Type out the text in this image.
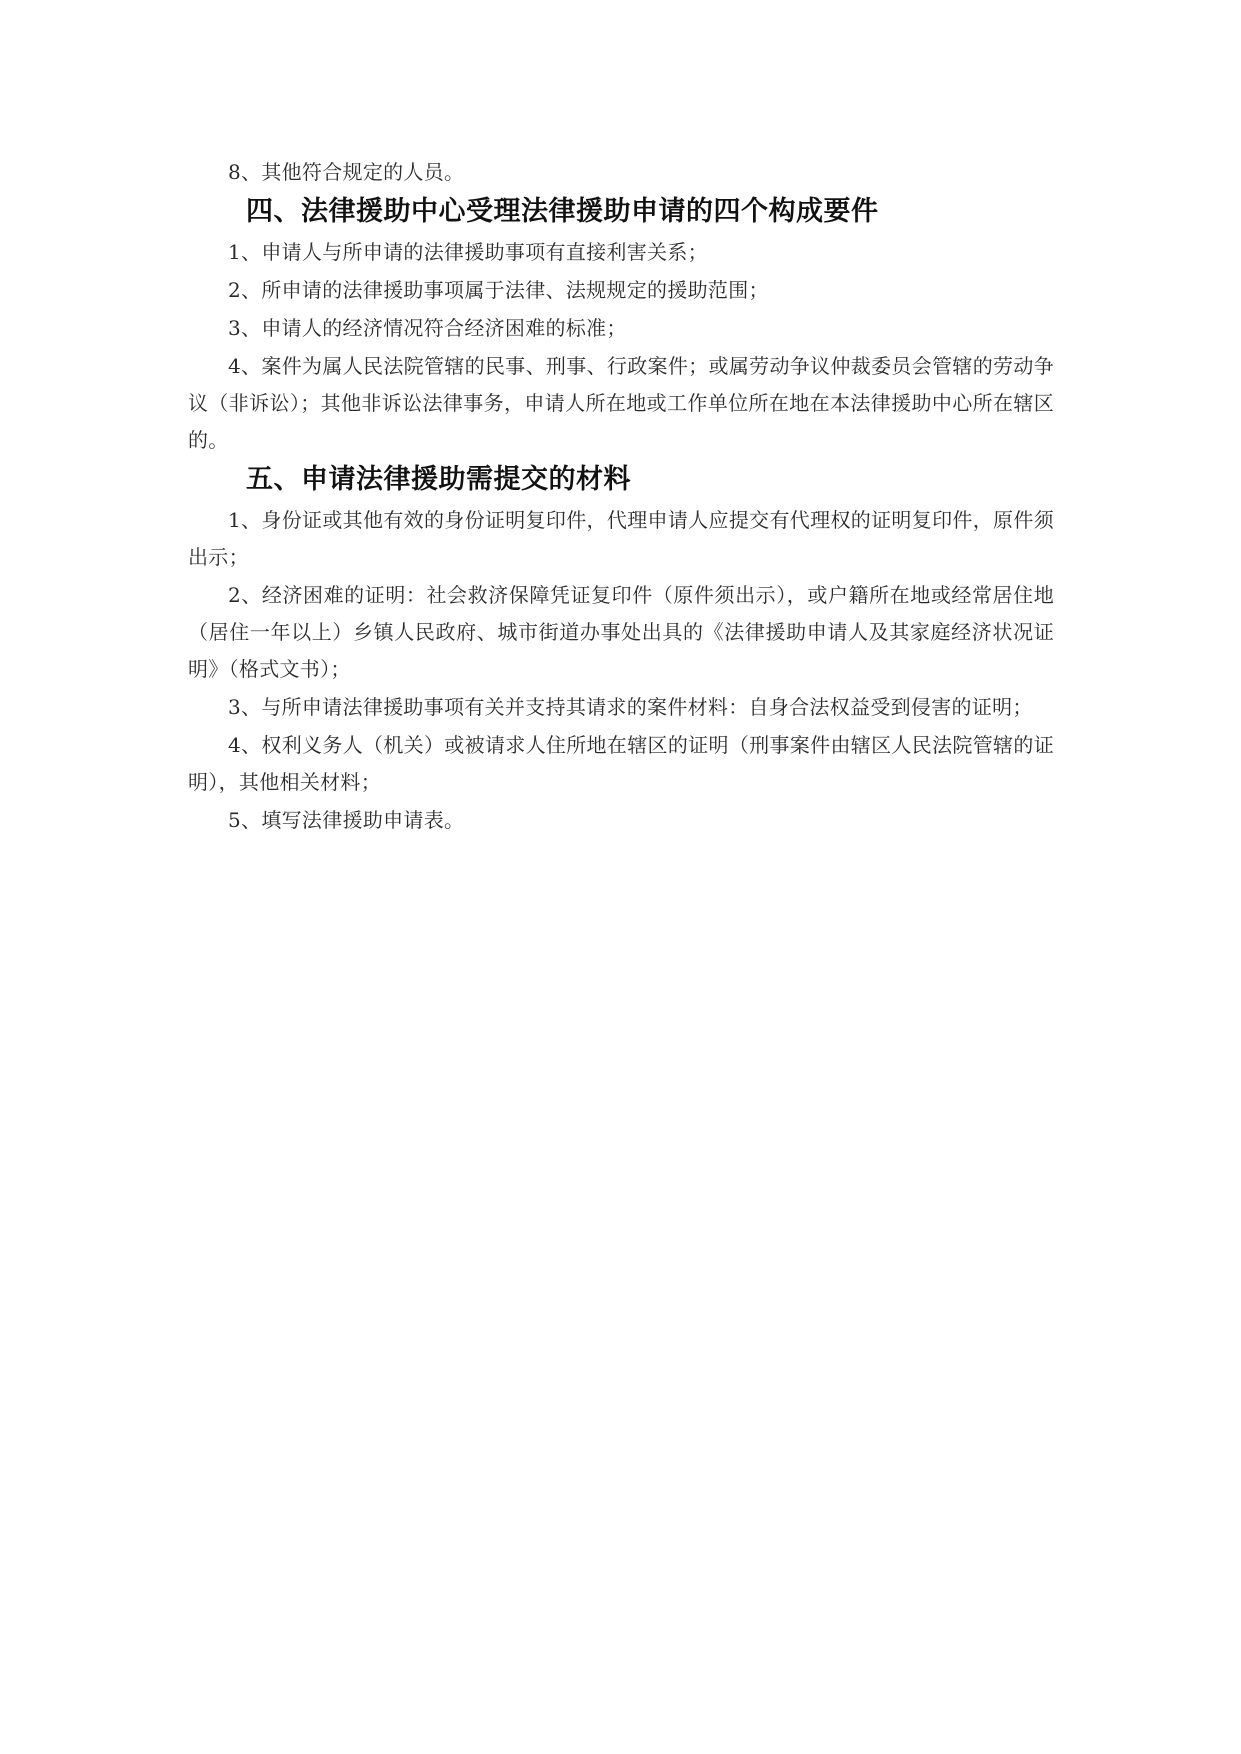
8、其他符合规定的人员。

四、法律援助中心受理法律援助申请的四个构成要件

1、申请人与所申请的法律援助事项有直接利害关系；

2、所申请的法律援助事项属于法律、法规规定的援助范围；

3、申请人的经济情况符合经济困难的标准；

4、案件为属人民法院管辖的民事、刑事、行政案件；或属劳动争议仲裁委员会管辖的劳动争议（非诉讼）；其他非诉讼法律事务，申请人所在地或工作单位所在地在本法律援助中心所在辖区的。

五、申请法律援助需提交的材料

1、身份证或其他有效的身份证明复印件，代理申请人应提交有代理权的证明复印件，原件须出示；

2、经济困难的证明：社会救济保障凭证复印件（原件须出示），或户籍所在地或经常居住地（居住一年以上）乡镇人民政府、城市街道办事处出具的《法律援助申请人及其家庭经济状况证明》（格式文书）；

3、与所申请法律援助事项有关并支持其请求的案件材料：自身合法权益受到侵害的证明；

4、权利义务人（机关）或被请求人住所地在辖区的证明（刑事案件由辖区人民法院管辖的证明），其他相关材料；

5、填写法律援助申请表。
